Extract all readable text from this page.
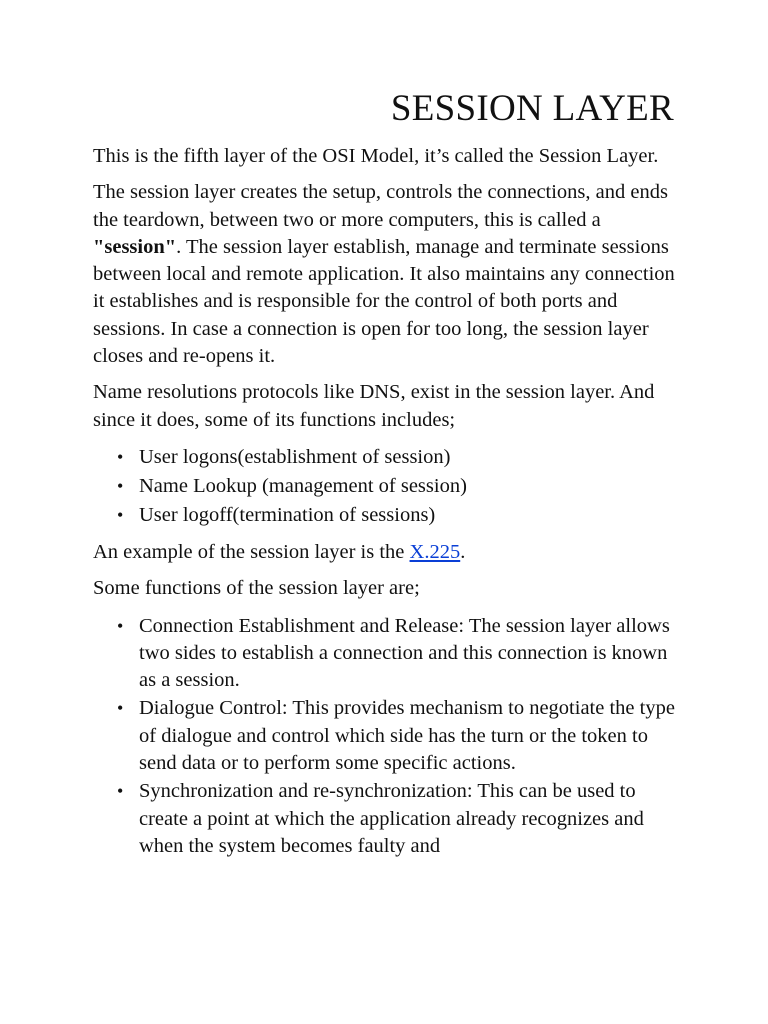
SESSION LAYER

This is the fifth layer of the OSI Model, it’s called the Session Layer.

The session layer creates the setup, controls the connections, and ends the teardown, between two or more computers, this is called a "session". The session layer establish, manage and terminate sessions between local and remote application. It also maintains any connection it establishes and is responsible for the control of both ports and sessions. In case a connection is open for too long, the session layer closes and re-opens it.

Name resolutions protocols like DNS, exist in the session layer. And since it does, some of its functions includes;

• User logons(establishment of session)
• Name Lookup (management of session)
• User logoff(termination of sessions)

An example of the session layer is the X.225.

Some functions of the session layer are;

• Connection Establishment and Release: The session layer allows two sides to establish a connection and this connection is known as a session.
• Dialogue Control: This provides mechanism to negotiate the type of dialogue and control which side has the turn or the token to send data or to perform some specific actions.
• Synchronization and re-synchronization: This can be used to create a point at which the application already recognizes and when the system becomes faulty and
